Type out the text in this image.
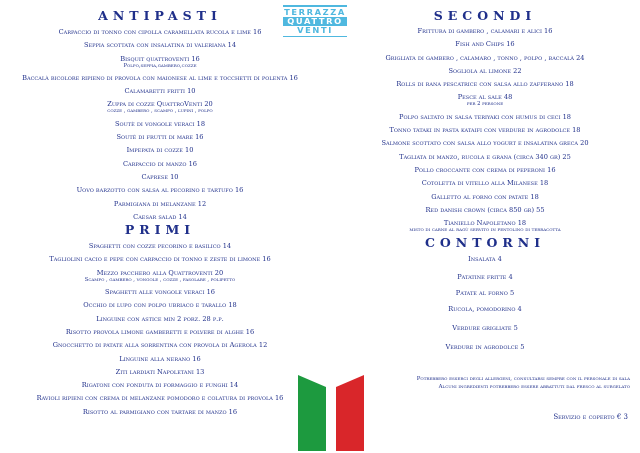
ANTIPASTI

Carpaccio di tonno con cipolla caramellata rucola e lime 16

Seppia scottata con insalatina di valeriana 14

Bisquit quattroventi 16
Polpo,seppia,gambero,cozze

Baccalà bicolore ripieno di provola con maionese al lime e tocchetti di polenta 16

Calamaretti fritti 10

Zuppa di cozze QuattroVenti 20
cozze , gambero , scampo , lupini , polpo

Soutè di vongole veraci 18

Soutè di frutti di mare 16

Impepata di cozze 10

Carpaccio di manzo 16

Caprese 10

Uovo barzotto con salsa al pecorino e tartufo 16

Parmigiana di melanzane 12

Caesar salad 14

PRIMI

Spaghetti con cozze pecorino e basilico 14

Tagliolini cacio e pepe con carpaccio di tonno e zeste di limone 16

Mezzo pacchero alla Quattroventi 20
Scampo , gambero , vongole , cozze , fasolare , polipetto

Spaghetti alle vongole veraci 16

Occhio di lupo con polpo ubriaco e tarallo 18

Linguine con astice min 2 porz. 28 p.p.

Risotto provola limone gamberetti e polvere di alghe 16

Gnocchetto di patate alla sorrentina con provola di Agerola 12

Linguine alla nerano 16

Ziti lardiati Napoletani 13

Rigatoni con fonduta di formaggio e funghi 14

Ravioli ripieni con crema di melanzane pomodoro e colatura di provola 16

Risotto al parmigiano con tartare di manzo 16

TERRAZZA
QUATTRO
VENTI
SECONDI

Frittura di gambero , calamari e alici 16

Fish and Chips 16

Grigliata di gambero , calamaro , tonno , polpo , baccalà 24

Sogliola al limone 22

Rolls di rana pescatrice con salsa allo zafferano 18

Pesce al sale 48
per 2 persone

Polpo saltato in salsa teriyaki con humus di ceci 18

Tonno tataki in pasta kataifi con verdure in agrodolce 18

Salmone scottato con salsa allo yogurt e insalatina greca 20

Tagliata di manzo, rucola e grana (circa 340 gr) 25

Pollo croccante con crema di peperoni 16

Cotoletta di vitello alla Milanese 18

Galletto al forno con patate 18

Red danish crown (circa 850 gr) 55

Tianiello Napoletano 18
misto di carne al ragù servito in pentolino di terracotta

CONTORNI

Insalata 4

Patatine fritte 4

Patate al forno 5

Rucola, pomodorino 4

Verdure grigliate 5

Verdure in agrodolce 5

Potrebbero esserci degli allergeni, consultarsi sempre con il personale di sala

Alcuni ingredienti potrebbero essere abbattuti dal fresco al surgelato

Servizio e coperto € 3
